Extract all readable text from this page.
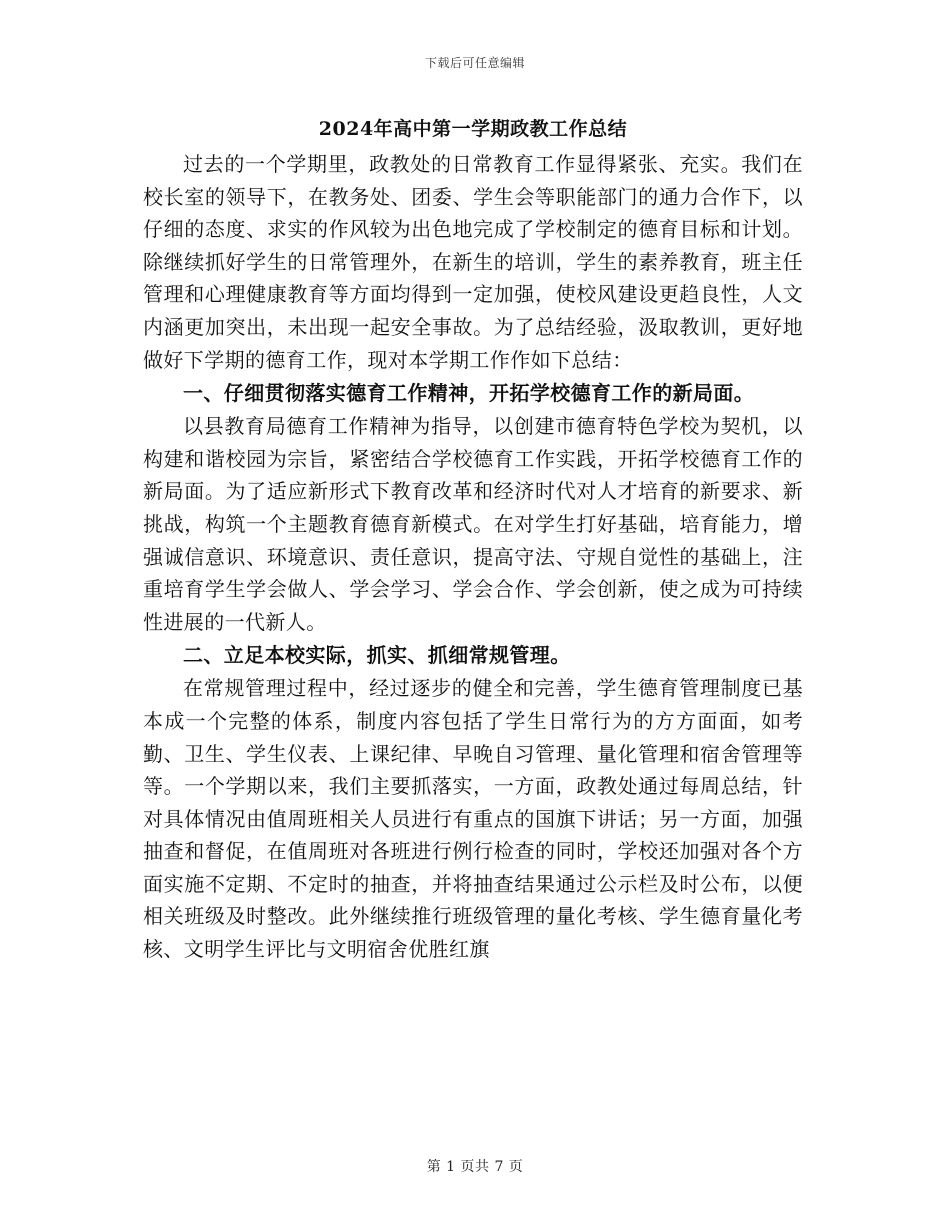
下载后可任意编辑
2024年高中第一学期政教工作总结

过去的一个学期里，政教处的日常教育工作显得紧张、充实。我们在校长室的领导下，在教务处、团委、学生会等职能部门的通力合作下，以仔细的态度、求实的作风较为出色地完成了学校制定的德育目标和计划。除继续抓好学生的日常管理外，在新生的培训，学生的素养教育，班主任管理和心理健康教育等方面均得到一定加强，使校风建设更趋良性，人文内涵更加突出，未出现一起安全事故。为了总结经验，汲取教训，更好地做好下学期的德育工作，现对本学期工作作如下总结：

一、仔细贯彻落实德育工作精神，开拓学校德育工作的新局面。

以县教育局德育工作精神为指导，以创建市德育特色学校为契机，以构建和谐校园为宗旨，紧密结合学校德育工作实践，开拓学校德育工作的新局面。为了适应新形式下教育改革和经济时代对人才培育的新要求、新挑战，构筑一个主题教育德育新模式。在对学生打好基础，培育能力，增强诚信意识、环境意识、责任意识，提高守法、守规自觉性的基础上，注重培育学生学会做人、学会学习、学会合作、学会创新，使之成为可持续性进展的一代新人。

二、立足本校实际，抓实、抓细常规管理。

在常规管理过程中，经过逐步的健全和完善，学生德育管理制度已基本成一个完整的体系，制度内容包括了学生日常行为的方方面面，如考勤、卫生、学生仪表、上课纪律、早晚自习管理、量化管理和宿舍管理等等。一个学期以来，我们主要抓落实，一方面，政教处通过每周总结，针对具体情况由值周班相关人员进行有重点的国旗下讲话；另一方面，加强抽查和督促，在值周班对各班进行例行检查的同时，学校还加强对各个方面实施不定期、不定时的抽查，并将抽查结果通过公示栏及时公布，以便相关班级及时整改。此外继续推行班级管理的量化考核、学生德育量化考核、文明学生评比与文明宿舍优胜红旗

第 1 页共 7 页
